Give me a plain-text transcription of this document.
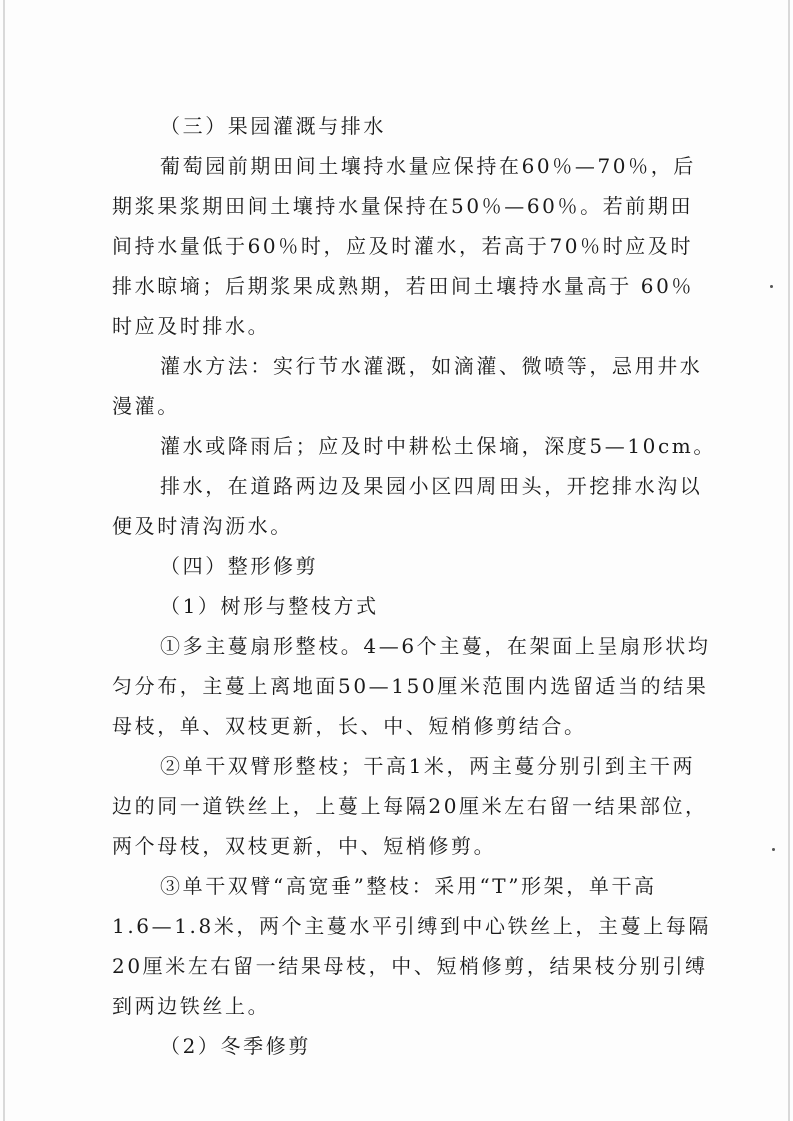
（三）果园灌溉与排水
葡萄园前期田间土壤持水量应保持在60％—70％，后
期浆果浆期田间土壤持水量保持在50％—60％。若前期田
间持水量低于60％时，应及时灌水，若高于70％时应及时
排水晾墒；后期浆果成熟期，若田间土壤持水量高于 60％
时应及时排水。
灌水方法：实行节水灌溉，如滴灌、微喷等，忌用井水
漫灌。
灌水或降雨后；应及时中耕松土保墒，深度5—10cm。
排水，在道路两边及果园小区四周田头，开挖排水沟以
便及时清沟沥水。
（四）整形修剪
（1）树形与整枝方式
①多主蔓扇形整枝。4—6个主蔓，在架面上呈扇形状均
匀分布，主蔓上离地面50—150厘米范围内选留适当的结果
母枝，单、双枝更新，长、中、短梢修剪结合。
②单干双臂形整枝；干高1米，两主蔓分别引到主干两
边的同一道铁丝上，上蔓上每隔20厘米左右留一结果部位，
两个母枝，双枝更新，中、短梢修剪。
③单干双臂“高宽垂”整枝：采用“T”形架，单干高
1.6—1.8米，两个主蔓水平引缚到中心铁丝上，主蔓上每隔
20厘米左右留一结果母枝，中、短梢修剪，结果枝分别引缚
到两边铁丝上。
（2）冬季修剪
